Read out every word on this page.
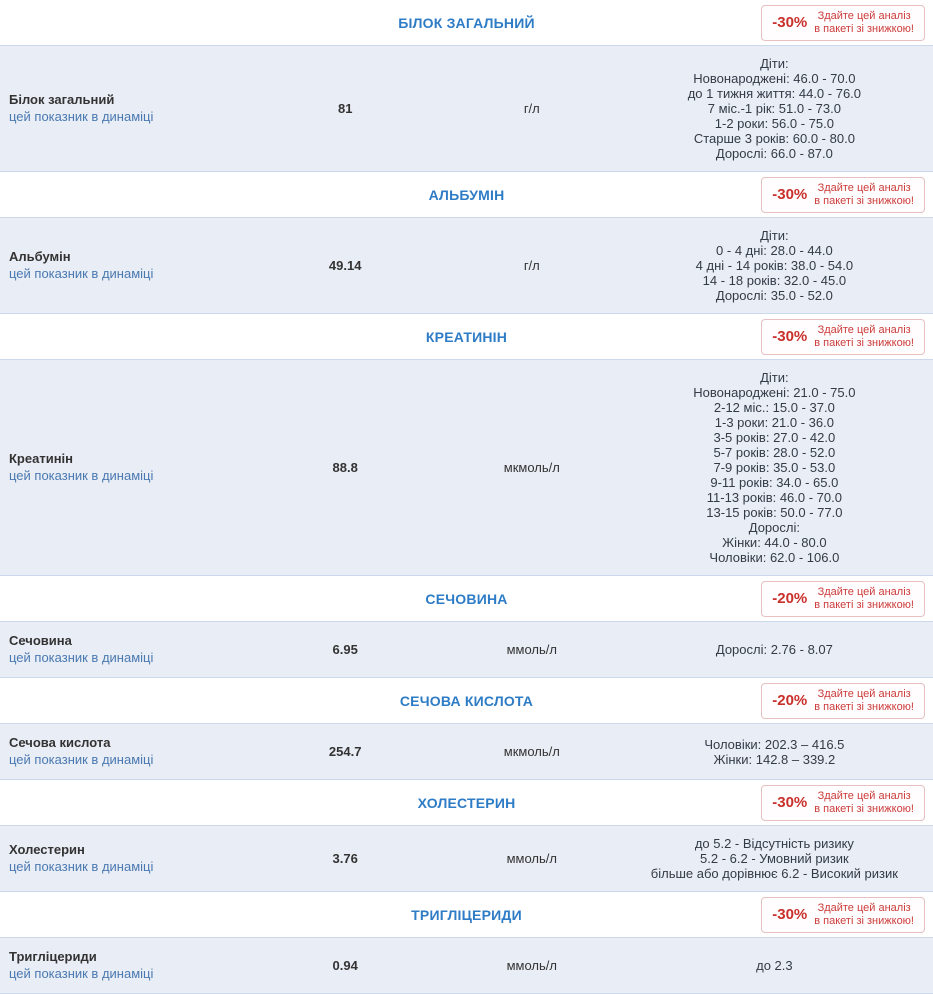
БІЛОК ЗАГАЛЬНИЙ	-30% Здайте цей аналіз
в пакеті зі знижкою!
Білок загальний
цей показник в динаміці
81	г/л
Діти:
Новонароджені: 46.0 - 70.0
до 1 тижня життя: 44.0 - 76.0
7 міс.-1 рік: 51.0 - 73.0
1-2 роки: 56.0 - 75.0
Старше 3 років: 60.0 - 80.0
Дорослі: 66.0 - 87.0
АЛЬБУМІН	-30% Здайте цей аналіз
в пакеті зі знижкою!
Альбумін
цей показник в динаміці
49.14	г/л
Діти:
0 - 4 дні: 28.0 - 44.0
4 дні - 14 років: 38.0 - 54.0
14 - 18 років: 32.0 - 45.0
Дорослі: 35.0 - 52.0
КРЕАТИНІН	-30% Здайте цей аналіз
в пакеті зі знижкою!
Креатинін
цей показник в динаміці
88.8	мкмоль/л
Діти:
Новонароджені: 21.0 - 75.0
2-12 міс.: 15.0 - 37.0
1-3 роки: 21.0 - 36.0
3-5 років: 27.0 - 42.0
5-7 років: 28.0 - 52.0
7-9 років: 35.0 - 53.0
9-11 років: 34.0 - 65.0
11-13 років: 46.0 - 70.0
13-15 років: 50.0 - 77.0
Дорослі:
Жінки: 44.0 - 80.0
Чоловіки: 62.0 - 106.0
СЕЧОВИНА	-20% Здайте цей аналіз
в пакеті зі знижкою!
Сечовина
цей показник в динаміці
6.95	ммоль/л	Дорослі: 2.76 - 8.07
СЕЧОВА КИСЛОТА	-20% Здайте цей аналіз
в пакеті зі знижкою!
Сечова кислота
цей показник в динаміці
254.7	мкмоль/л	Чоловіки: 202.3 – 416.5
Жінки: 142.8 – 339.2
ХОЛЕСТЕРИН	-30% Здайте цей аналіз
в пакеті зі знижкою!
Холестерин
цей показник в динаміці
3.76	ммоль/л
до 5.2 - Відсутність ризику
5.2 - 6.2 - Умовний ризик
більше або дорівнює 6.2 - Високий ризик
ТРИГЛІЦЕРИДИ	-30% Здайте цей аналіз
в пакеті зі знижкою!
Тригліцериди
цей показник в динаміці
0.94	ммоль/л	до 2.3
